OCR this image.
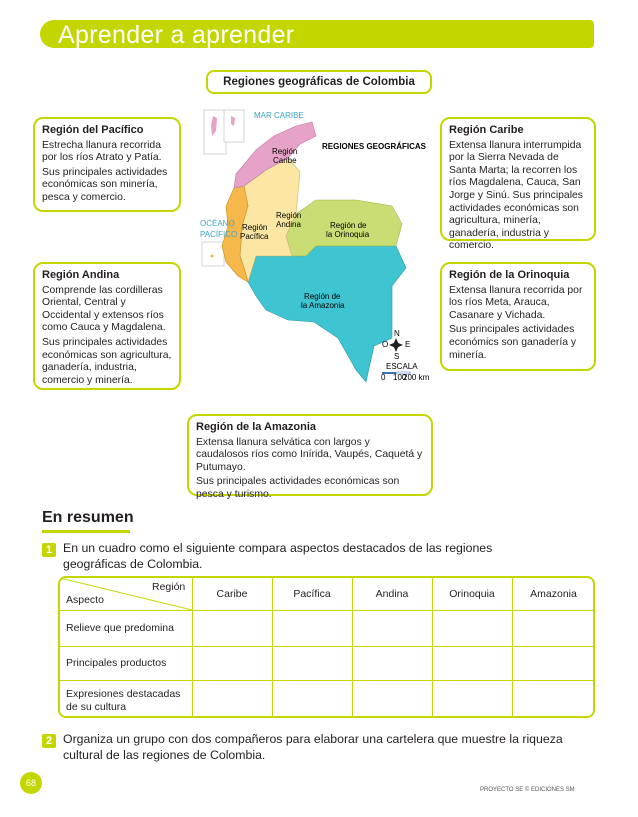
Aprender a aprender
Regiones geográficas de Colombia
Región del Pacífico

Estrecha llanura recorrida por los ríos Atrato y Patía.

Sus principales actividades económicas son minería, pesca y comercio.

Región Caribe

Extensa llanura interrumpida por la Sierra Nevada de Santa Marta; la recorren los ríos Magdalena, Cauca, San Jorge y Sinú. Sus principales actividades económicas son agricultura, minería, ganadería, industria y comercio.

Región Andina

Comprende las cordilleras Oriental, Central y Occidental y extensos ríos como Cauca y Magdalena.

Sus principales actividades económicas son agricultura, ganadería, industria, comercio y minería.

Región de la Orinoquia

Extensa llanura recorrida por los ríos Meta, Arauca, Casanare y Vichada.

Sus principales actividades económics son ganadería y minería.

Región de la Amazonia

Extensa llanura selvática con largos y caudalosos ríos como Inírida, Vaupés, Caquetá y Putumayo.

Sus principales actividades económicas son pesca y turismo.

MAR CARIBE
OCÉANO
PACÍFICO
REGIONES GEOGRÁFICAS
Región
Caribe
Región
Andina
Región
Pacífica
Región de
la Orinoquia
Región de
la Amazonia
N
E
O
S
ESCALA
0 100
200 km
En resumen
1 En un cuadro como el siguiente compara aspectos destacados de las regiones geográficas de Colombia.
Región
Aspecto	Caribe	Pacífica	Andina	Orinoquia	Amazonia
Relieve que predomina
Principales productos
Expresiones destacadas de su cultura
2 Organiza un grupo con dos compañeros para elaborar una cartelera que muestre la riqueza cultural de las regiones de Colombia.
68
PROYECTO SE © EDICIONES SM
